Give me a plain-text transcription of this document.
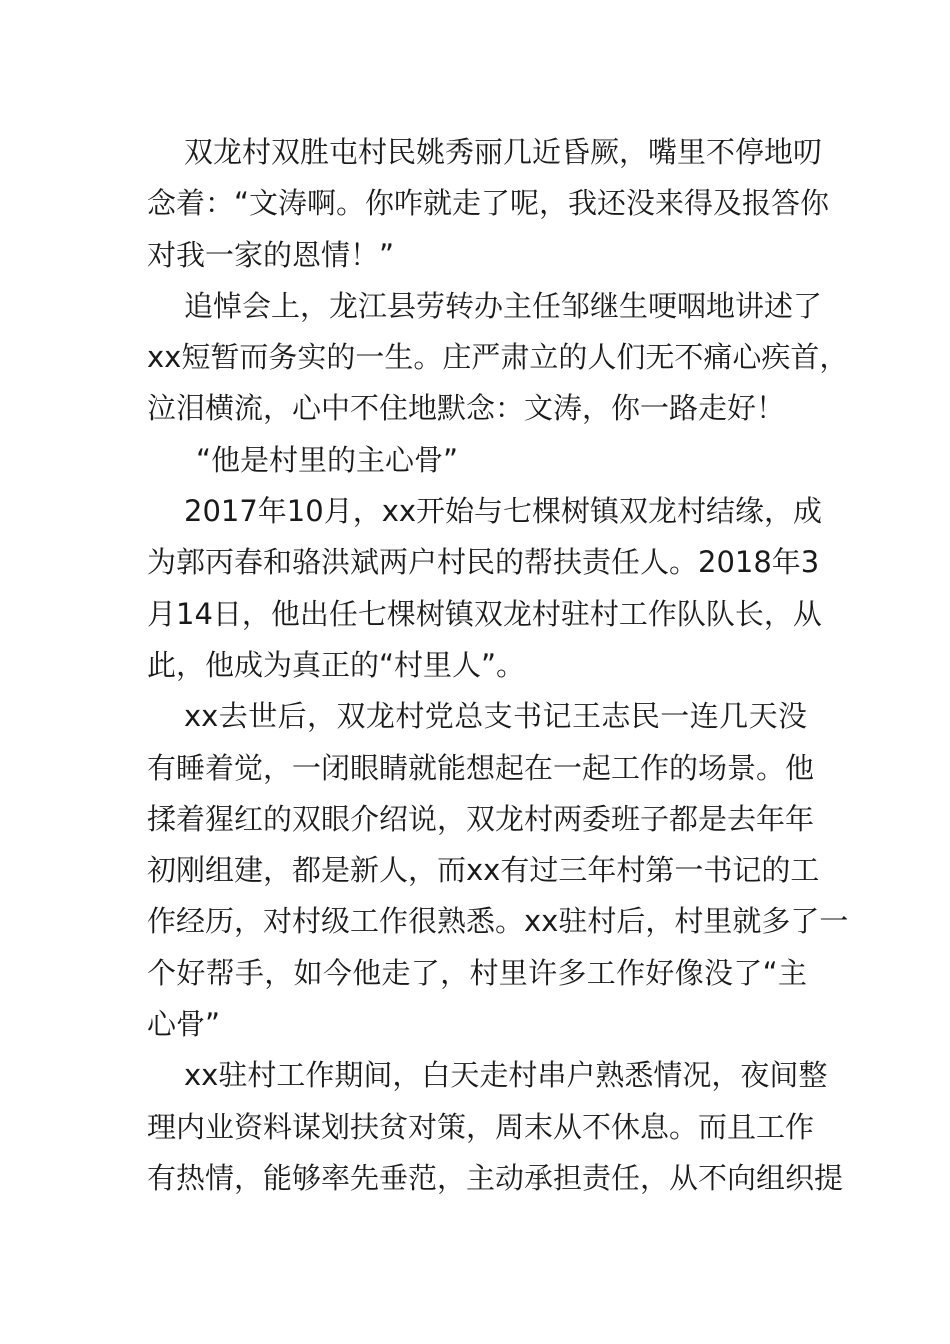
双龙村双胜屯村民姚秀丽几近昏厥，嘴里不停地叨
念着：“文涛啊。你咋就走了呢，我还没来得及报答你
对我一家的恩情！”
追悼会上，龙江县劳转办主任邹继生哽咽地讲述了
xx短暂而务实的一生。庄严肃立的人们无不痛心疾首，
泣泪横流，心中不住地默念：文涛，你一路走好！
“他是村里的主心骨”
2017年10月，xx开始与七棵树镇双龙村结缘，成
为郭丙春和骆洪斌两户村民的帮扶责任人。2018年3
月14日，他出任七棵树镇双龙村驻村工作队队长，从
此，他成为真正的“村里人”。
xx去世后，双龙村党总支书记王志民一连几天没
有睡着觉，一闭眼睛就能想起在一起工作的场景。他
揉着猩红的双眼介绍说，双龙村两委班子都是去年年
初刚组建，都是新人，而xx有过三年村第一书记的工
作经历，对村级工作很熟悉。xx驻村后，村里就多了一
个好帮手，如今他走了，村里许多工作好像没了“主
心骨”
xx驻村工作期间，白天走村串户熟悉情况，夜间整
理内业资料谋划扶贫对策，周末从不休息。而且工作
有热情，能够率先垂范，主动承担责任，从不向组织提
